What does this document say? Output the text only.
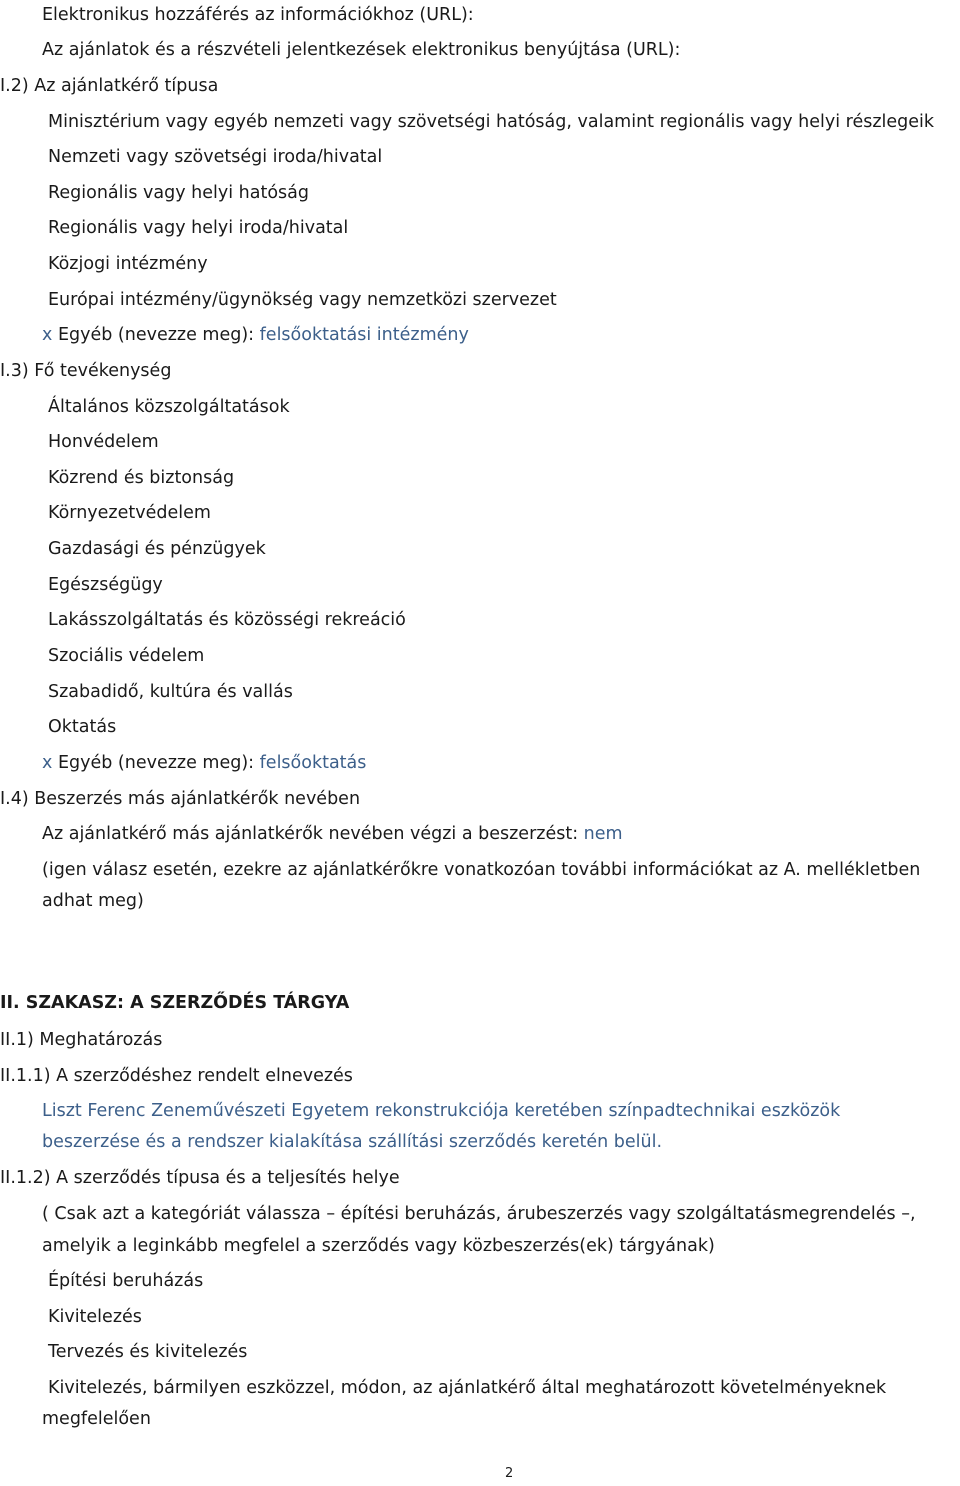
Elektronikus hozzáférés az információkhoz (URL):
Az ajánlatok és a részvételi jelentkezések elektronikus benyújtása (URL):
I.2) Az ajánlatkérő típusa
Minisztérium vagy egyéb nemzeti vagy szövetségi hatóság, valamint regionális vagy helyi részlegeik
Nemzeti vagy szövetségi iroda/hivatal
Regionális vagy helyi hatóság
Regionális vagy helyi iroda/hivatal
Közjogi intézmény
Európai intézmény/ügynökség vagy nemzetközi szervezet
x Egyéb (nevezze meg): felsőoktatási intézmény
I.3) Fő tevékenység
Általános közszolgáltatások
Honvédelem
Közrend és biztonság
Környezetvédelem
Gazdasági és pénzügyek
Egészségügy
Lakásszolgáltatás és közösségi rekreáció
Szociális védelem
Szabadidő, kultúra és vallás
Oktatás
x Egyéb (nevezze meg): felsőoktatás
I.4) Beszerzés más ajánlatkérők nevében
Az ajánlatkérő más ajánlatkérők nevében végzi a beszerzést: nem
(igen válasz esetén, ezekre az ajánlatkérőkre vonatkozóan további információkat az A. mellékletben
adhat meg)
II. SZAKASZ: A SZERZŐDÉS TÁRGYA
II.1) Meghatározás
II.1.1) A szerződéshez rendelt elnevezés
Liszt Ferenc Zeneművészeti Egyetem rekonstrukciója keretében színpadtechnikai eszközök
beszerzése és a rendszer kialakítása szállítási szerződés keretén belül.
II.1.2) A szerződés típusa és a teljesítés helye
( Csak azt a kategóriát válassza – építési beruházás, árubeszerzés vagy szolgáltatásmegrendelés –,
amelyik a leginkább megfelel a szerződés vagy közbeszerzés(ek) tárgyának)
Építési beruházás
Kivitelezés
Tervezés és kivitelezés
Kivitelezés, bármilyen eszközzel, módon, az ajánlatkérő által meghatározott követelményeknek
megfelelően
2
